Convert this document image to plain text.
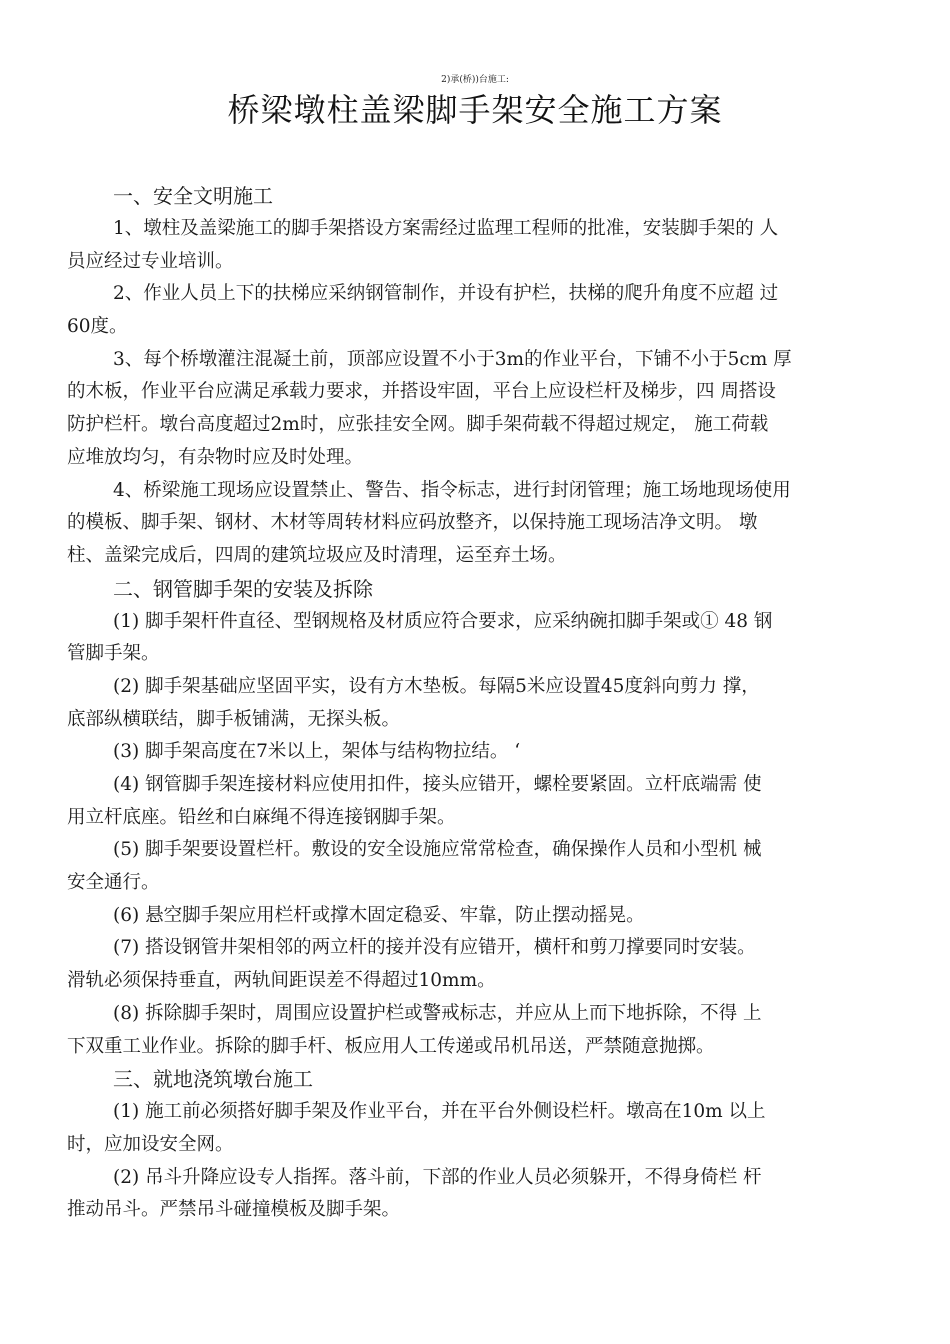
2)承(桥))台施工:
桥梁墩柱盖梁脚手架安全施工方案
一、安全文明施工
1、墩柱及盖梁施工的脚手架搭设方案需经过监理工程师的批准，安装脚手架的 人
员应经过专业培训。
2、作业人员上下的扶梯应采纳钢管制作，并设有护栏，扶梯的爬升角度不应超 过
60度。
3、每个桥墩灌注混凝土前，顶部应设置不小于3m的作业平台，下铺不小于5cm 厚
的木板，作业平台应满足承载力要求，并搭设牢固，平台上应设栏杆及梯步，四 周搭设
防护栏杆。墩台高度超过2m时，应张挂安全网。脚手架荷载不得超过规定， 施工荷载
应堆放均匀，有杂物时应及时处理。
4、桥梁施工现场应设置禁止、警告、指令标志，进行封闭管理；施工场地现场使用
的模板、脚手架、钢材、木材等周转材料应码放整齐，以保持施工现场洁净文明。 墩
柱、盖梁完成后，四周的建筑垃圾应及时清理，运至弃土场。
二、钢管脚手架的安装及拆除
(1) 脚手架杆件直径、型钢规格及材质应符合要求，应采纳碗扣脚手架或① 48 钢
管脚手架。
(2) 脚手架基础应坚固平实，设有方木垫板。每隔5米应设置45度斜向剪力 撑，
底部纵横联结，脚手板铺满，无探头板。
(3) 脚手架高度在7米以上，架体与结构物拉结。 ‘
(4) 钢管脚手架连接材料应使用扣件，接头应错开，螺栓要紧固。立杆底端需 使
用立杆底座。铅丝和白麻绳不得连接钢脚手架。
(5) 脚手架要设置栏杆。敷设的安全设施应常常检查，确保操作人员和小型机 械
安全通行。
(6) 悬空脚手架应用栏杆或撑木固定稳妥、牢靠，防止摆动摇晃。
(7) 搭设钢管井架相邻的两立杆的接并没有应错开，横杆和剪刀撑要同时安装。
滑轨必须保持垂直，两轨间距误差不得超过10mm。
(8) 拆除脚手架时，周围应设置护栏或警戒标志，并应从上而下地拆除，不得 上
下双重工业作业。拆除的脚手杆、板应用人工传递或吊机吊送，严禁随意抛掷。
三、就地浇筑墩台施工
(1) 施工前必须搭好脚手架及作业平台，并在平台外侧设栏杆。墩高在10m 以上
时，应加设安全网。
(2) 吊斗升降应设专人指挥。落斗前，下部的作业人员必须躲开，不得身倚栏 杆
推动吊斗。严禁吊斗碰撞模板及脚手架。
